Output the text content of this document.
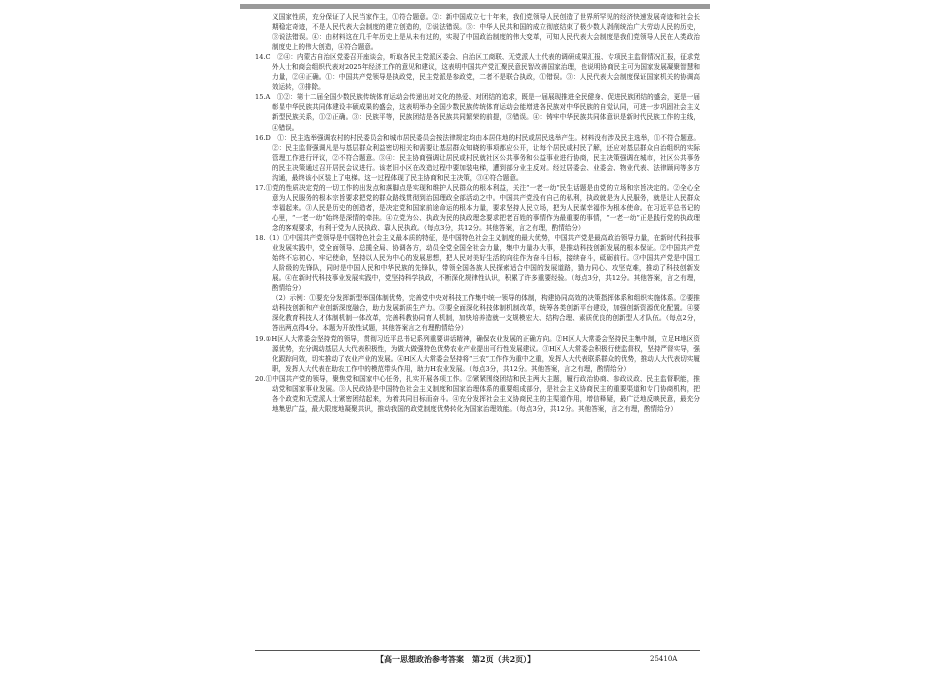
义国家性质，充分保证了人民当家作主，①符合题意。②：新中国成立七十年来，我们党领导人民创造了世界所罕见的经济快速发展奇迹和社会长期稳定奇迹，不是人民代表大会制度的建立创造的，②说法错误。③：中华人民共和国的成立彻底结束了极少数人剥削统治广大劳动人民的历史，③说法错误。④：由材料这在几千年历史上是从未有过的，实现了中国政治制度的伟大变革，可知人民代表大会制度是我们党领导人民在人类政治制度史上的伟大创造，④符合题意。

14.C　②④：内蒙古自治区党委召开座谈会，听取各民主党派区委会、自治区工商联、无党派人士代表的调研成果汇报、专项民主监督情况汇报，征求党外人士和商会组织代表对2025年经济工作的意见和建议，这表明中国共产党汇聚民意民智改善国家治理，也说明协商民主可为国家发展凝聚智慧和力量，②④正确。①：中国共产党领导是执政党，民主党派是参政党，二者不是联合执政，①错误。③：人民代表大会制度保证国家机关的协调高效运转，③排除。

15.A　①②：第十二届全国少数民族传统体育运动会传递出对文化的热爱、对团结的追求，既是一届展现推进全民健身、促进民族团结的盛会，更是一届彰显中华民族共同体建设丰硕成果的盛会，这表明举办全国少数民族传统体育运动会能增进各民族对中华民族的自觉认同，可进一步巩固社会主义新型民族关系，①②正确。③：民族平等，民族团结是各民族共同繁荣的前提，③错误。④：铸牢中华民族共同体意识是新时代民族工作的主线，④错误。

16.D　①：民主选举强调农村的村民委员会和城市居民委员会按法律规定均由本居住地的村民或居民选举产生。材料没有涉及民主选举，①不符合题意。②：民主监督强调凡是与基层群众利益密切相关和需要让基层群众知晓的事项都应公开，让每个居民或村民了解，还应对基层群众自治组织的实际管理工作进行评议，②不符合题意。③④：民主协商强调让居民或村民就社区公共事务和公益事业进行协商，民主决策强调在城市，社区公共事务的民主决策通过召开居民会议进行。该老旧小区在改造过程中要加装电梯，遭到部分业主反对。经过居委会、业委会、物业代表、法律顾问等多方沟通，最终该小区装上了电梯。这一过程体现了民主协商和民主决策，③④符合题意。

17.①党的性质决定党的一切工作的出发点和落脚点是实现和维护人民群众的根本利益，关注“一老一幼”民生话题是由党的立场和宗旨决定的。②全心全意为人民服务的根本宗旨要求把党的群众路线贯彻到治国理政全部活动之中。中国共产党没有自己的私利，执政就是为人民服务，就是让人民群众幸福起来。③人民是历史的创造者，是决定党和国家前途命运的根本力量，要求坚持人民立场，把为人民谋幸福作为根本使命。在习近平总书记的心里，“一老一幼”始终是深情的牵挂。④立党为公、执政为民的执政理念要求把老百姓的事情作为最重要的事情，“一老一幼”正是践行党的执政理念的客观要求，有利于党为人民执政、靠人民执政。（每点3分，共12分。其他答案，言之有理，酌情给分）

18.（1）①中国共产党领导是中国特色社会主义最本质的特征，是中国特色社会主义制度的最大优势，中国共产党是最高政治领导力量，在新时代科技事业发展实践中，党全面领导、总揽全局、协调各方，动员全党全国全社会力量，集中力量办大事，是推动科技创新发展的根本保证。②中国共产党始终不忘初心、牢记使命，坚持以人民为中心的发展思想，把人民对美好生活的向往作为奋斗目标，接续奋斗，砥砺前行。③中国共产党是中国工人阶级的先锋队，同时是中国人民和中华民族的先锋队，带领全国各族人民探索适合中国的发展道路，勠力同心、攻坚克难，推动了科技创新发展。④在新时代科技事业发展实践中，党坚持科学执政，不断深化规律性认识，积累了许多重要经验。（每点3分，共12分。其他答案，言之有理，酌情给分）

（2）示例：①要充分发挥新型举国体制优势，完善党中央对科技工作集中统一领导的体制，构建协同高效的决策指挥体系和组织实施体系。②要推动科技创新和产业创新深度融合，助力发展新质生产力。③要全面深化科技体制机制改革，统筹各类创新平台建设，加强创新资源优化配置。④要深化教育科技人才体制机制一体改革，完善科教协同育人机制，加快培养造就一支规模宏大、结构合理、素质优良的创新型人才队伍。（每点2分，答出两点得4分。本题为开放性试题，其他答案言之有理酌情给分）

19.①H区人大常委会坚持党的领导，贯彻习近平总书记系列重要讲话精神，确保农业发展的正确方向。②H区人大常委会坚持民主集中制，立足H地区资源优势，充分调动基层人大代表积极性，为做大做强特色优势农业产业提出可行性发展建议。③H区人大常委会积极行使监督权，坚持严督实导，强化跟踪问效，切实推动了农业产业的发展。④H区人大常委会坚持将“三农”工作作为重中之重，发挥人大代表联系群众的优势，推动人大代表切实履职，发挥人大代表在助农工作中的模范带头作用，助力H农业发展。（每点3分，共12分。其他答案，言之有理，酌情给分）

20.①中国共产党的领导，聚焦党和国家中心任务，扎实开展各项工作。②紧紧围绕团结和民主两大主题，履行政治协商、参政议政、民主监督职能，推动党和国家事业发展。③人民政协是中国特色社会主义制度和国家治理体系的重要组成部分，是社会主义协商民主的重要渠道和专门协商机构，把各个政党和无党派人士紧密团结起来，为着共同目标而奋斗。④充分发挥社会主义协商民主的主渠道作用，增信释疑，最广泛地反映民意，最充分地集思广益，最大限度地凝聚共识，推动我国的政党制度优势转化为国家治理效能。（每点3分，共12分。其他答案，言之有理，酌情给分）

【高一思想政治参考答案　第2页（共2页）】	25410A
